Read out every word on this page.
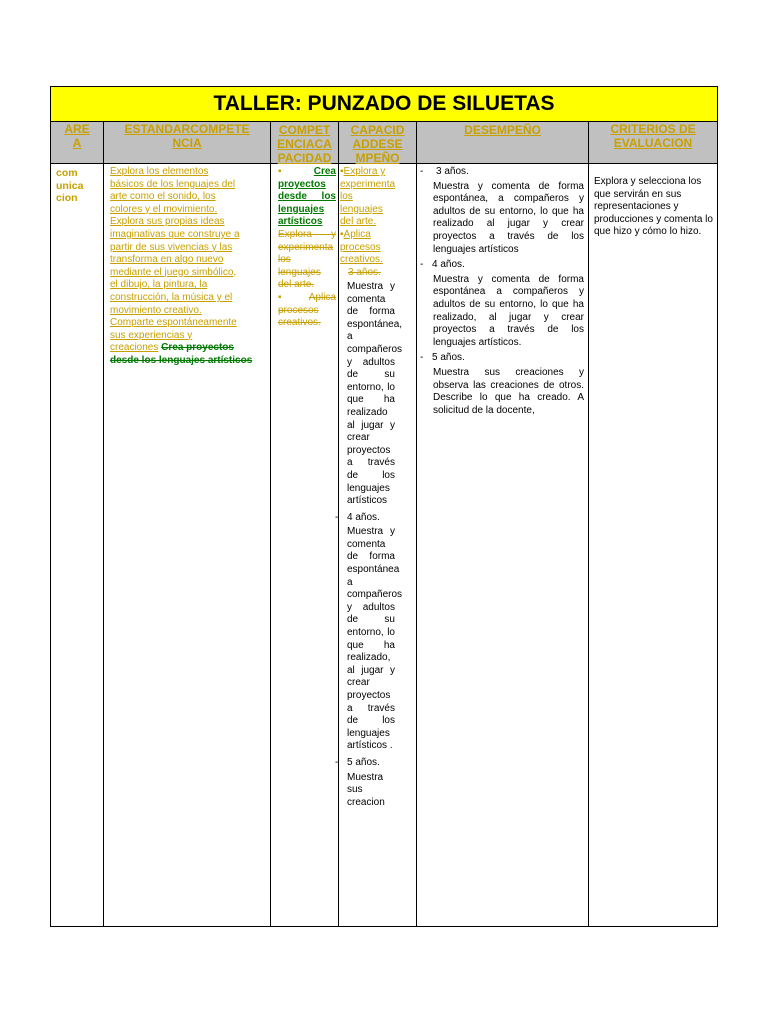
TALLER: PUNZADO DE SILUETAS
ARE A
ESTANDARCOMPETE NCIA
COMPET ENCIACA PACIDAD
CAPACID ADDESE MPEÑO
DESEMPEÑO	CRITERIOS DE EVALUACION
com unica cion
Explora los elementos
básicos de los lenguajes del
arte como el sonido, los
colores y el movimiento.
Explora sus propias ideas
imaginativas que construye a
partir de sus vivencias y las
transforma en algo nuevo
mediante el juego simbólico,
el dibujo, la pintura, la
construcción, la música y el
movimiento creativo.
Comparte espontáneamente
sus experiencias y
creaciones Crea proyectos desde los lenguajes artísticos
▪Crea proyectos desde los lenguajes artísticos
Explora y experimenta los lenguajes del arte.
▪Aplica procesos creativos.
▪Explora y experimenta los lenguajes del arte.
▪Aplica procesos creativos.
3 años.

Muestra y comenta de forma espontánea, a compañeros y adultos de su entorno, lo que ha realizado al jugar y crear proyectos a través de los lenguajes artísticos

- 4 años.

Muestra y comenta de forma espontánea a compañeros y adultos de su entorno, lo que ha realizado, al jugar y crear proyectos a través de los lenguajes artísticos .

- 5 años.

Muestra sus creacion

- 3 años.

Muestra y comenta de forma espontánea, a compañeros y adultos de su entorno, lo que ha realizado al jugar y crear proyectos a través de los lenguajes artísticos

- 4 años.

Muestra y comenta de forma espontánea a compañeros y adultos de su entorno, lo que ha realizado, al jugar y crear proyectos a través de los lenguajes artísticos.

- 5 años.

Muestra sus creaciones y observa las creaciones de otros. Describe lo que ha creado. A solicitud de la docente,

Explora y selecciona los que servirán en sus representaciones y producciones y comenta lo que hizo y cómo lo hizo.
